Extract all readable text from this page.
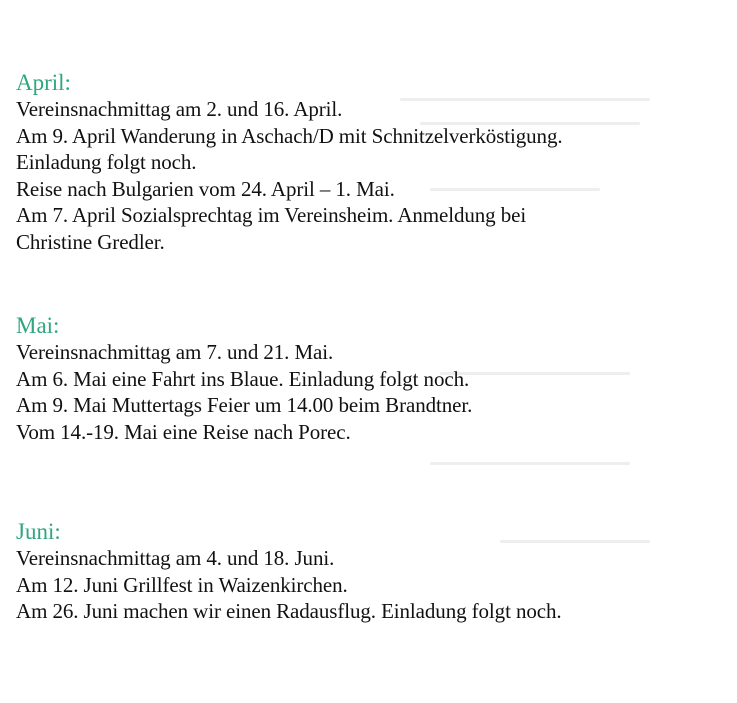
April:

Vereinsnachmittag am 2. und 16. April.

Am 9. April Wanderung in Aschach/D mit Schnitzelverköstigung.

Einladung folgt noch.

Reise nach Bulgarien vom 24. April – 1. Mai.

Am 7. April Sozialsprechtag im Vereinsheim. Anmeldung bei

Christine Gredler.

Mai:

Vereinsnachmittag am 7. und 21. Mai.

Am 6. Mai eine Fahrt ins Blaue. Einladung folgt noch.

Am 9. Mai Muttertags Feier um 14.00 beim Brandtner.

Vom 14.-19. Mai eine Reise nach Porec.

Juni:

Vereinsnachmittag am 4. und 18. Juni.

Am 12. Juni Grillfest in Waizenkirchen.

Am 26. Juni machen wir einen Radausflug. Einladung folgt noch.
